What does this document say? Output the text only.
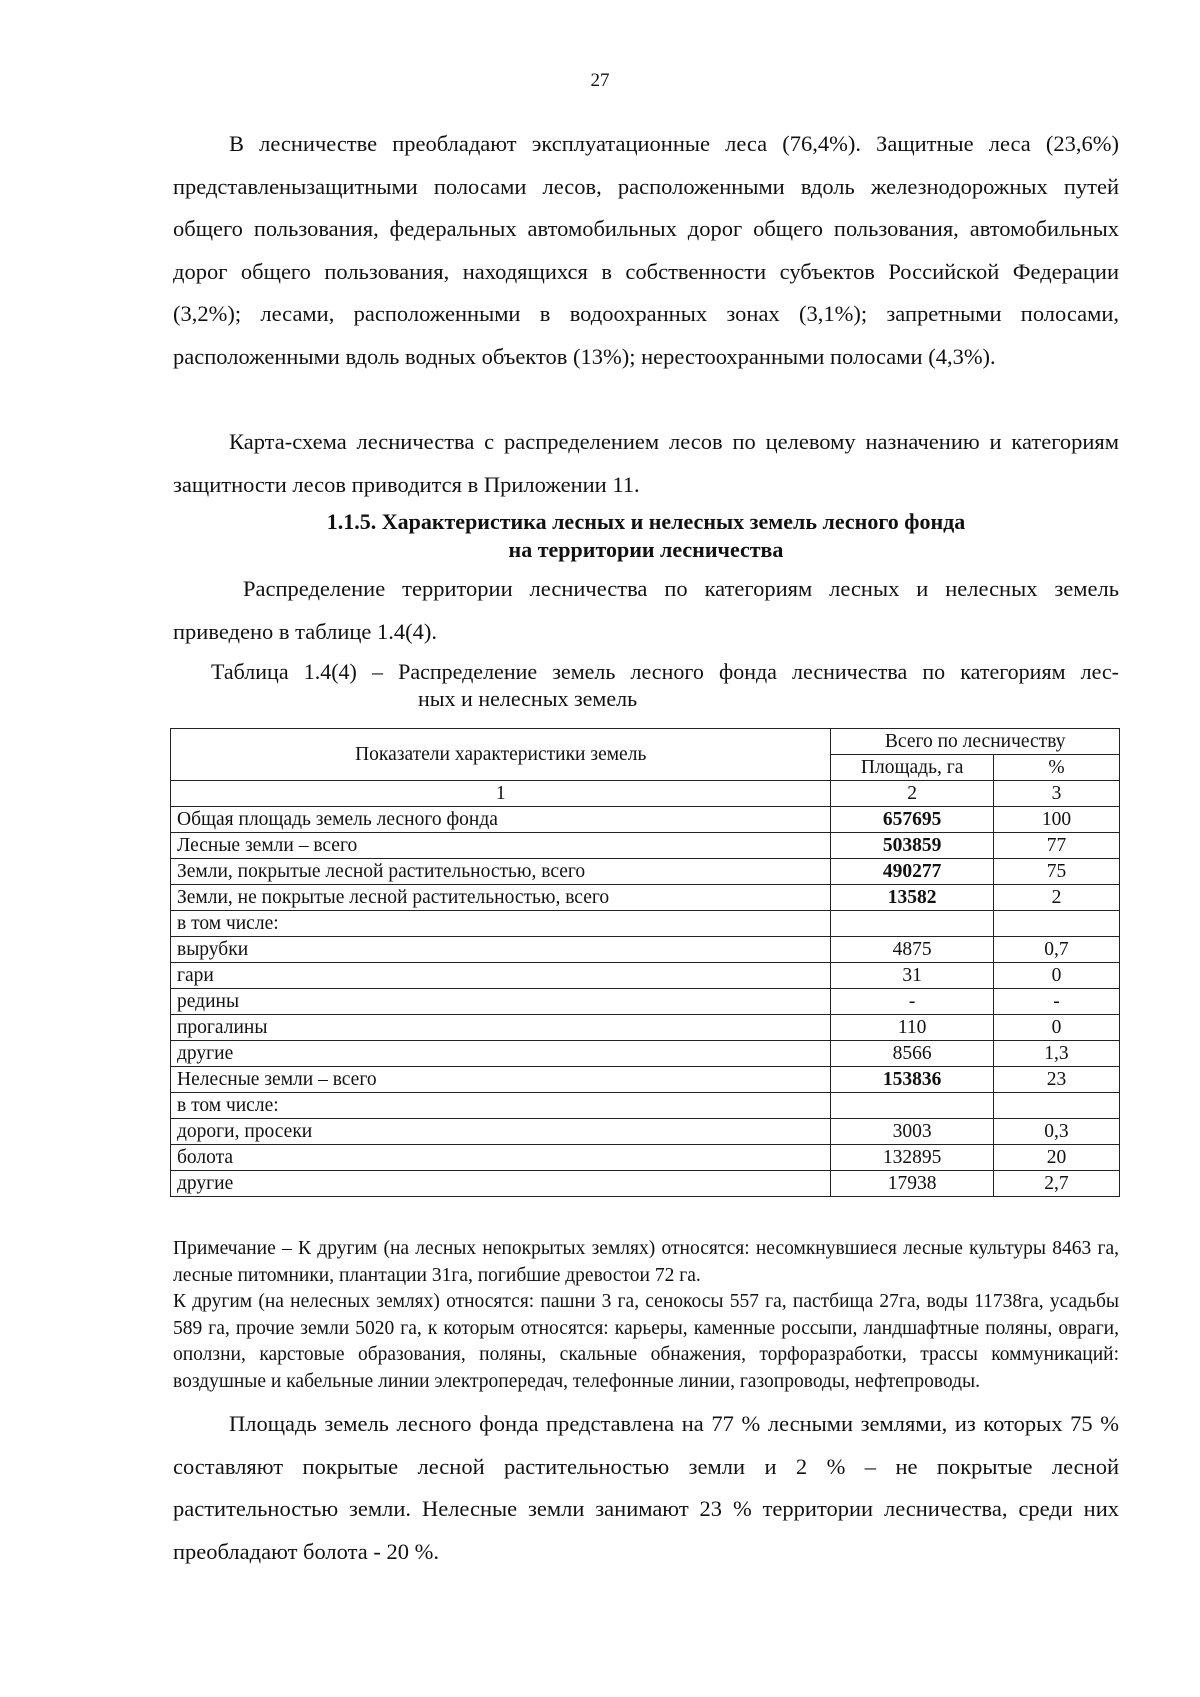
27

В лесничестве преобладают эксплуатационные леса (76,4%). Защитные леса (23,6%) представленызащитными полосами лесов, расположенными вдоль железнодорожных путей общего пользования, федеральных автомобильных дорог общего пользования, автомобильных дорог общего пользования, находящихся в собственности субъектов Российской Федерации (3,2%); лесами, расположенными в водоохранных зонах (3,1%); запретными полосами, расположенными вдоль водных объектов (13%); нерестоохранными полосами (4,3%).

Карта-схема лесничества с распределением лесов по целевому назначению и категориям защитности лесов приводится в Приложении 11.

1.1.5. Характеристика лесных и нелесных земель лесного фонда
на территории лесничества

Распределение территории лесничества по категориям лесных и нелесных земель приведено в таблице 1.4(4).

Таблица 1.4(4) – Распределение земель лесного фонда лесничества по категориям лес-
ных и нелесных земель
Показатели характеристики земель	Всего по лесничеству	
	Площадь, га	%
1	2	3
Общая площадь земель лесного фонда	657695	100
Лесные земли – всего	503859	77
Земли, покрытые лесной растительностью, всего	490277	75
Земли, не покрытые лесной растительностью, всего	13582	2
в том числе:		
вырубки	4875	0,7
гари	31	0
редины	-	-
прогалины	110	0
другие	8566	1,3
Нелесные земли – всего	153836	23
в том числе:		
дороги, просеки	3003	0,3
болота	132895	20
другие	17938	2,7

Примечание – К другим (на лесных непокрытых землях) относятся: несомкнувшиеся лесные культуры 8463 га, лесные питомники, плантации 31га, погибшие древостои 72 га.

К другим (на нелесных землях) относятся: пашни 3 га, сенокосы 557 га, пастбища 27га, воды 11738га, усадьбы 589 га, прочие земли 5020 га, к которым относятся: карьеры, каменные россыпи, ландшафтные поляны, овраги, оползни, карстовые образования, поляны, скальные обнажения, торфоразработки, трассы коммуникаций: воздушные и кабельные линии электропередач, телефонные линии, газопроводы, нефтепроводы.

Площадь земель лесного фонда представлена на 77 % лесными землями, из которых 75 % составляют покрытые лесной растительностью земли и 2 % – не покрытые лесной растительностью земли. Нелесные земли занимают 23 % территории лесничества, среди них преобладают болота - 20 %.
